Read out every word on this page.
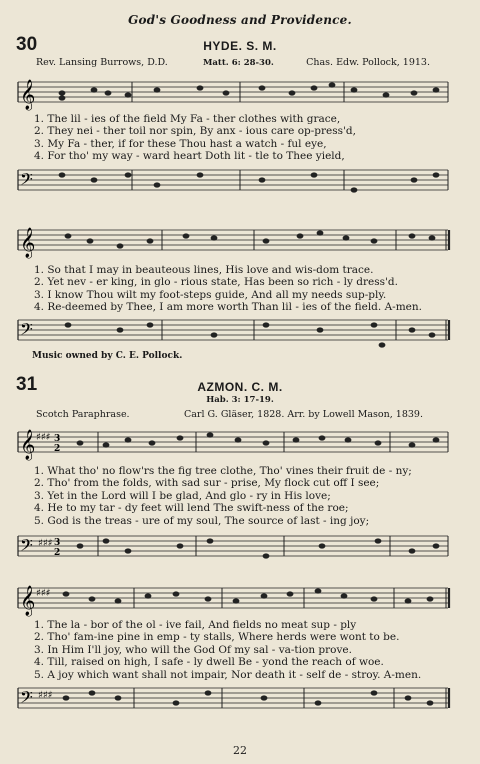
God's Goodness and Providence.
30	HYDE. S. M.
Rev. Lansing Burrows, D.D.	Matt. 6: 28-30.	Chas. Edw. Pollock, 1913.
𝄞
1. The lil - ies of the field My Fa - ther clothes with grace,
2. They nei - ther toil nor spin, By anx - ious care op-press'd,
3. My Fa - ther, if for these Thou hast a watch - ful eye,
4. For tho' my way - ward heart Doth lit - tle to Thee yield,
𝄢
𝄞
1. So that I may in beauteous lines, His love and wis-dom trace.
2. Yet nev - er king, in glo - rious state, Has been so rich - ly dress'd.
3. I know Thou wilt my foot-steps guide, And all my needs sup-ply.
4. Re-deemed by Thee, I am more worth Than lil - ies of the field. A-men.
𝄢
Music owned by C. E. Pollock.
31	AZMON. C. M.
Hab. 3: 17-19.
Scotch Paraphrase.	Carl G. Gläser, 1828. Arr. by Lowell Mason, 1839.
𝄞 ♯♯♯ 3
2
1. What tho' no flow'rs the fig tree clothe, Tho' vines their fruit de - ny;
2. Tho' from the folds, with sad sur - prise, My flock cut off I see;
3. Yet in the Lord will I be glad, And glo - ry in His love;
4. He to my tar - dy feet will lend The swift-ness of the roe;
5. God is the treas - ure of my soul, The source of last - ing joy;
𝄢 ♯♯♯ 3
2
𝄞 ♯♯♯
1. The la - bor of the ol - ive fail, And fields no meat sup - ply
2. Tho' fam-ine pine in emp - ty stalls, Where herds were wont to be.
3. In Him I'll joy, who will the God Of my sal - va-tion prove.
4. Till, raised on high, I safe - ly dwell Be - yond the reach of woe.
5. A joy which want shall not impair, Nor death it - self de - stroy. A-men.
𝄢 ♯♯♯
22
